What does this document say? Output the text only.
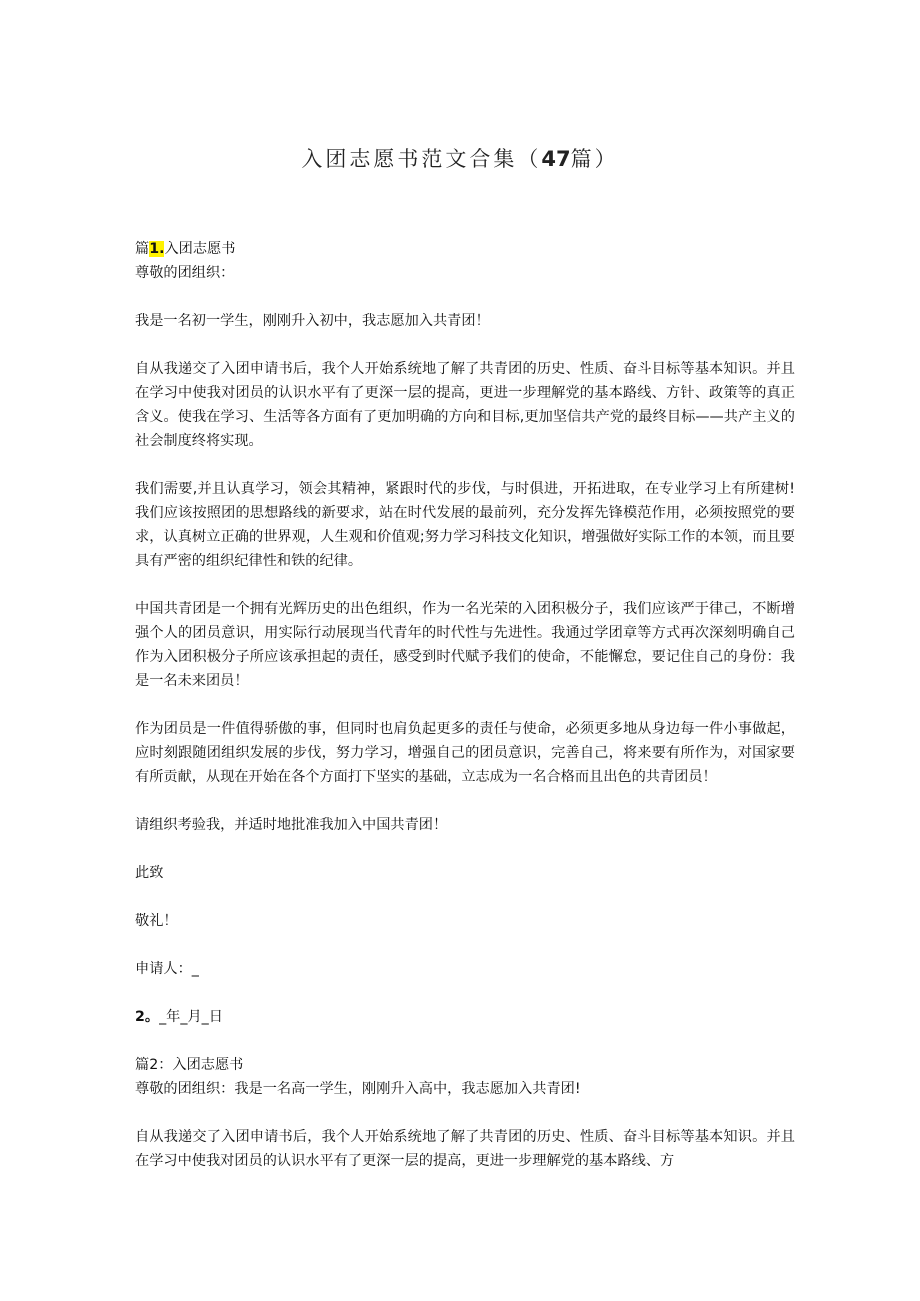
入团志愿书范文合集（47篇）
篇1.入团志愿书

尊敬的团组织：

我是一名初一学生，刚刚升入初中，我志愿加入共青团！

自从我递交了入团申请书后，我个人开始系统地了解了共青团的历史、性质、奋斗目标等基本知识。并且在学习中使我对团员的认识水平有了更深一层的提高，更进一步理解党的基本路线、方针、政策等的真正含义。使我在学习、生活等各方面有了更加明确的方向和目标,更加坚信共产党的最终目标——共产主义的社会制度终将实现。

我们需要,并且认真学习，领会其精神，紧跟时代的步伐，与时俱进，开拓进取，在专业学习上有所建树!我们应该按照团的思想路线的新要求，站在时代发展的最前列，充分发挥先锋模范作用，必须按照党的要求，认真树立正确的世界观，人生观和价值观;努力学习科技文化知识，增强做好实际工作的本领，而且要具有严密的组织纪律性和铁的纪律。

中国共青团是一个拥有光辉历史的出色组织，作为一名光荣的入团积极分子，我们应该严于律己，不断增强个人的团员意识，用实际行动展现当代青年的时代性与先进性。我通过学团章等方式再次深刻明确自己作为入团积极分子所应该承担起的责任，感受到时代赋予我们的使命，不能懈怠，要记住自己的身份：我是一名未来团员！

作为团员是一件值得骄傲的事，但同时也肩负起更多的责任与使命，必须更多地从身边每一件小事做起，应时刻跟随团组织发展的步伐，努力学习，增强自己的团员意识，完善自己，将来要有所作为，对国家要有所贡献，从现在开始在各个方面打下坚实的基础，立志成为一名合格而且出色的共青团员！

请组织考验我，并适时地批准我加入中国共青团！

此致

敬礼！

申请人：_

2。_年_月_日

篇2：入团志愿书

尊敬的团组织：我是一名高一学生，刚刚升入高中，我志愿加入共青团!

自从我递交了入团申请书后，我个人开始系统地了解了共青团的历史、性质、奋斗目标等基本知识。并且在学习中使我对团员的认识水平有了更深一层的提高，更进一步理解党的基本路线、方
